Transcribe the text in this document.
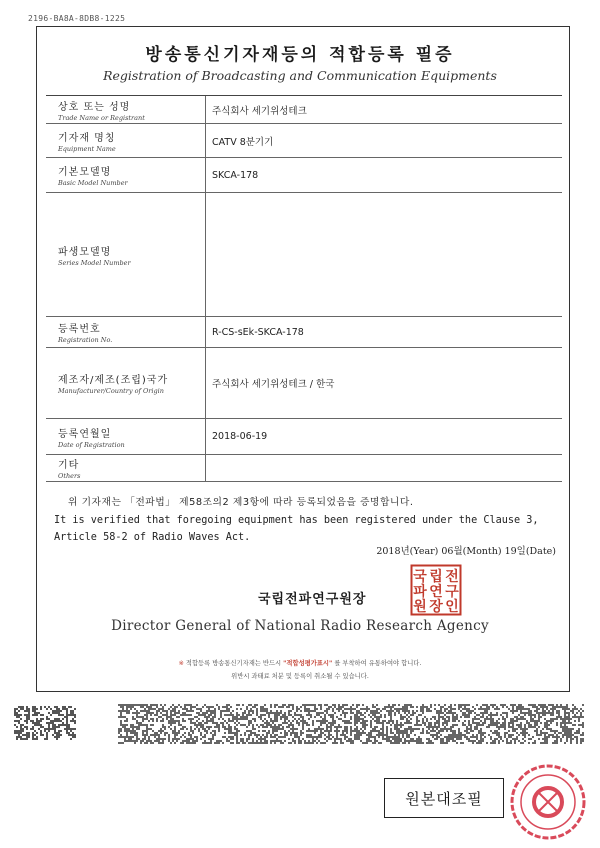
2196-BA8A-8DB8-1225
방송통신기자재등의 적합등록 필증
Registration of Broadcasting and Communication Equipments
상호 또는 성명
Trade Name or Registrant
주식회사 세기위성테크
기자재 명칭
Equipment Name
CATV 8분기기
기본모델명
Basic Model Number
SKCA-178
파생모델명
Series Model Number
등록번호
Registration No.
R-CS-sEk-SKCA-178
제조자/제조(조립)국가
Manufacturer/Country of Origin
주식회사 세기위성테크 / 한국
등록연월일
Date of Registration
2018-06-19
기타
Others
위 기자재는 「전파법」 제58조의2 제3항에 따라 등록되었음을 증명합니다.
It is verified that foregoing equipment has been registered under the Clause 3,
Article 58-2 of Radio Waves Act.
2018년(Year) 06월(Month) 19일(Date)
국립전파연구원장
국 립 전
파 연 구
원 장 인
Director General of National Radio Research Agency
※ 적합등록 방송통신기자재는 반드시 "적합성평가표시" 를 부착하여 유통하여야 합니다.
위반시 과태료 처분 및 등록이 취소될 수 있습니다.
원본대조필
